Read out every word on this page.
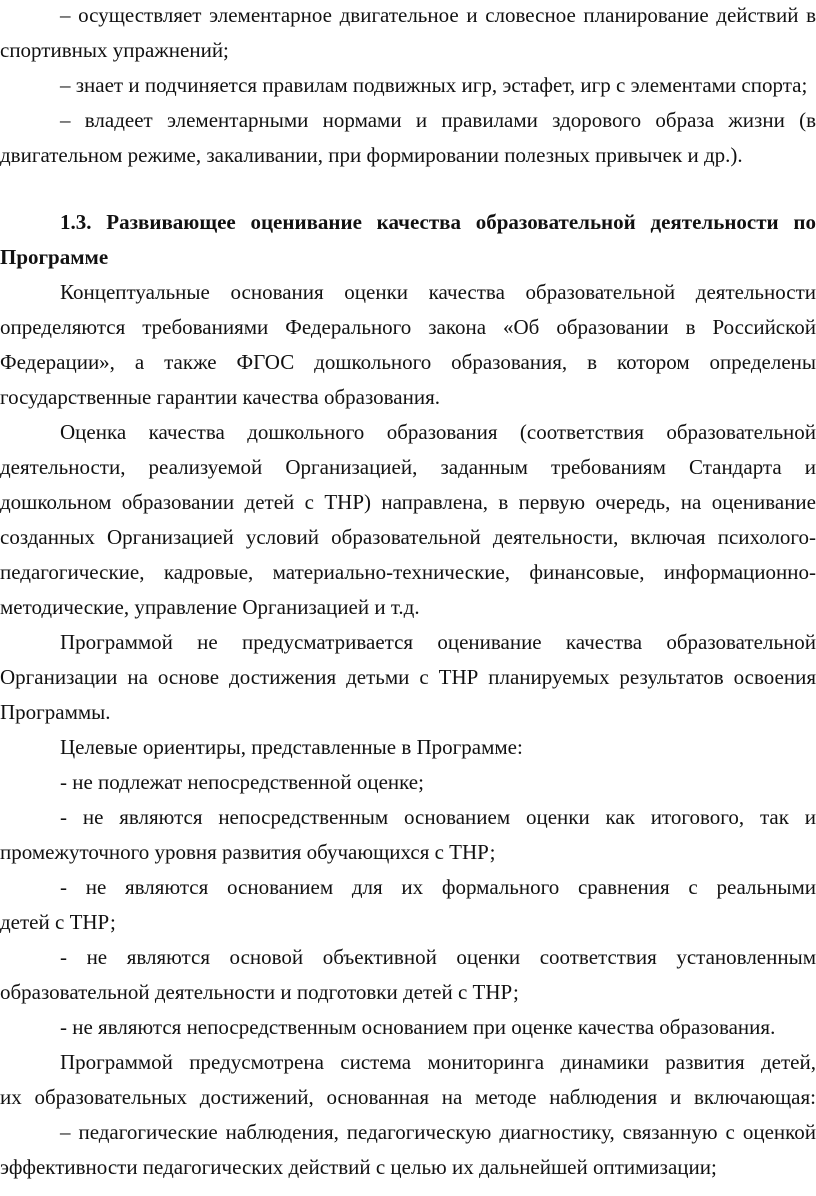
– осуществляет элементарное двигательное и словесное планирование действий в
спортивных упражнений;
– знает и подчиняется правилам подвижных игр, эстафет, игр с элементами спорта;
– владеет элементарными нормами и правилами здорового образа жизни (в
двигательном режиме, закаливании, при формировании полезных привычек и др.).
1.3. Развивающее оценивание качества образовательной деятельности по
Программе
Концептуальные основания оценки качества образовательной деятельности
определяются требованиями Федерального закона «Об образовании в Российской
Федерации», а также ФГОС дошкольного образования, в котором определены
государственные гарантии качества образования.
Оценка качества дошкольного образования (соответствия образовательной
деятельности, реализуемой Организацией, заданным требованиям Стандарта и
дошкольном образовании детей с ТНР) направлена, в первую очередь, на оценивание
созданных Организацией условий образовательной деятельности, включая психолого-
педагогические, кадровые, материально-технические, финансовые, информационно-
методические, управление Организацией и т.д.
Программой не предусматривается оценивание качества образовательной
Организации на основе достижения детьми с ТНР планируемых результатов освоения
Программы.
Целевые ориентиры, представленные в Программе:
- не подлежат непосредственной оценке;
- не являются непосредственным основанием оценки как итогового, так и
промежуточного уровня развития обучающихся с ТНР;
- не являются основанием для их формального сравнения с реальными
детей с ТНР;
- не являются основой объективной оценки соответствия установленным
образовательной деятельности и подготовки детей с ТНР;
- не являются непосредственным основанием при оценке качества образования.
Программой предусмотрена система мониторинга динамики развития детей,
их образовательных достижений, основанная на методе наблюдения и включающая:
– педагогические наблюдения, педагогическую диагностику, связанную с оценкой
эффективности педагогических действий с целью их дальнейшей оптимизации;
